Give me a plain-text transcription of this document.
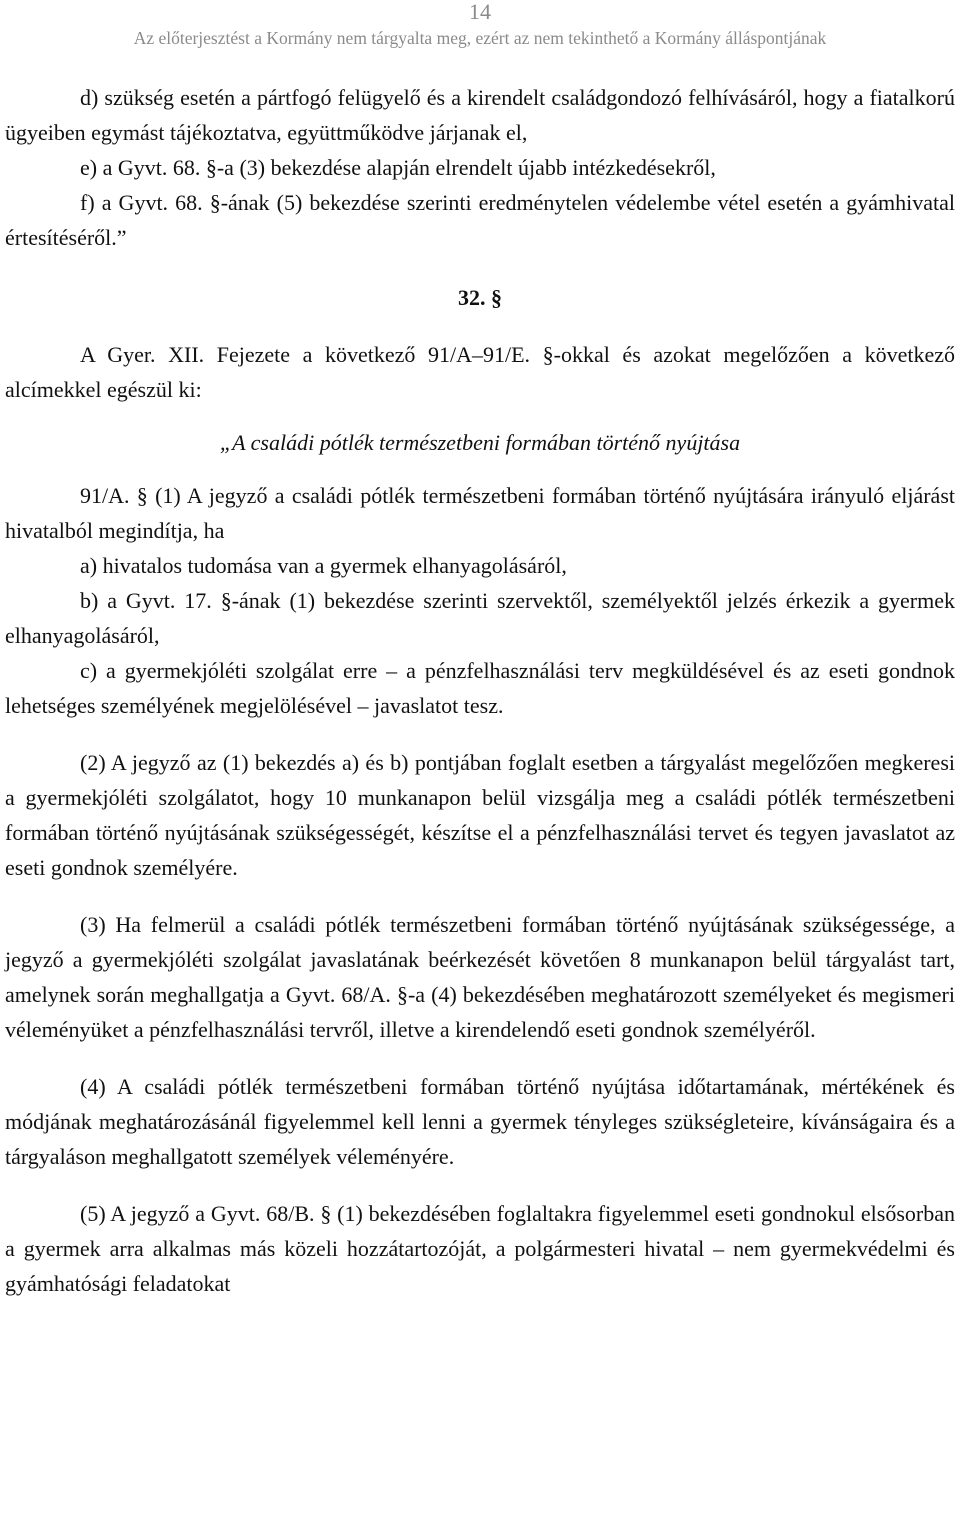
14
Az előterjesztést a Kormány nem tárgyalta meg, ezért az nem tekinthető a Kormány álláspontjának

d) szükség esetén a pártfogó felügyelő és a kirendelt családgondozó felhívásáról, hogy a fiatalkorú ügyeiben egymást tájékoztatva, együttműködve járjanak el,

e) a Gyvt. 68. §-a (3) bekezdése alapján elrendelt újabb intézkedésekről,

f) a Gyvt. 68. §-ának (5) bekezdése szerinti eredménytelen védelembe vétel esetén a gyámhivatal értesítéséről.”

32. §

A Gyer. XII. Fejezete a következő 91/A–91/E. §-okkal és azokat megelőzően a következő alcímekkel egészül ki:

„A családi pótlék természetbeni formában történő nyújtása

91/A. § (1) A jegyző a családi pótlék természetbeni formában történő nyújtására irányuló eljárást hivatalból megindítja, ha

a) hivatalos tudomása van a gyermek elhanyagolásáról,

b) a Gyvt. 17. §-ának (1) bekezdése szerinti szervektől, személyektől jelzés érkezik a gyermek elhanyagolásáról,

c) a gyermekjóléti szolgálat erre – a pénzfelhasználási terv megküldésével és az eseti gondnok lehetséges személyének megjelölésével – javaslatot tesz.

(2) A jegyző az (1) bekezdés a) és b) pontjában foglalt esetben a tárgyalást megelőzően megkeresi a gyermekjóléti szolgálatot, hogy 10 munkanapon belül vizsgálja meg a családi pótlék természetbeni formában történő nyújtásának szükségességét, készítse el a pénzfelhasználási tervet és tegyen javaslatot az eseti gondnok személyére.

(3) Ha felmerül a családi pótlék természetbeni formában történő nyújtásának szükségessége, a jegyző a gyermekjóléti szolgálat javaslatának beérkezését követően 8 munkanapon belül tárgyalást tart, amelynek során meghallgatja a Gyvt. 68/A. §-a (4) bekezdésében meghatározott személyeket és megismeri véleményüket a pénzfelhasználási tervről, illetve a kirendelendő eseti gondnok személyéről.

(4) A családi pótlék természetbeni formában történő nyújtása időtartamának, mértékének és módjának meghatározásánál figyelemmel kell lenni a gyermek tényleges szükségleteire, kívánságaira és a tárgyaláson meghallgatott személyek véleményére.

(5) A jegyző a Gyvt. 68/B. § (1) bekezdésében foglaltakra figyelemmel eseti gondnokul elsősorban a gyermek arra alkalmas más közeli hozzátartozóját, a polgármesteri hivatal – nem gyermekvédelmi és gyámhatósági feladatokat
